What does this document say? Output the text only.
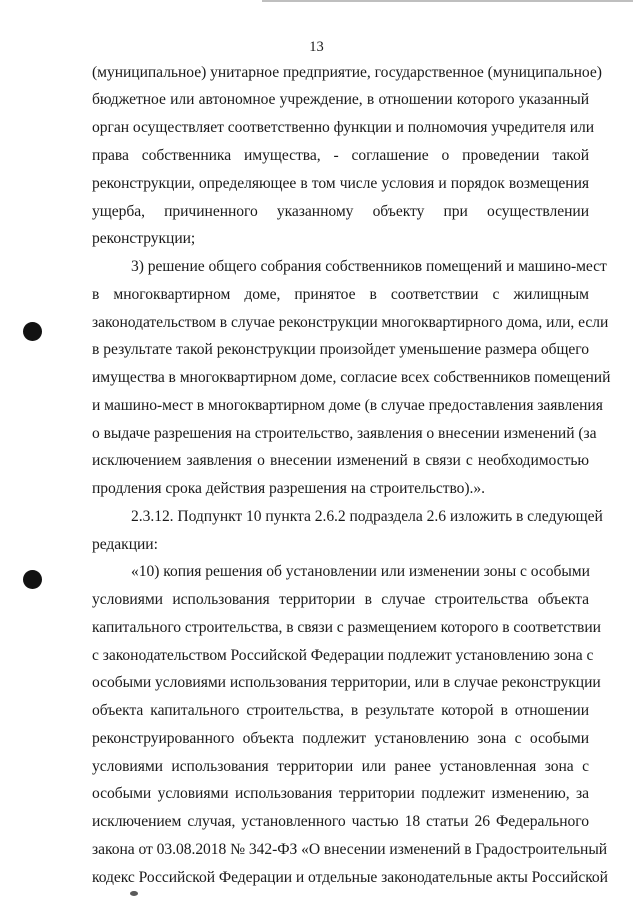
13
(муниципальное) унитарное предприятие, государственное (муниципальное)
бюджетное или автономное учреждение, в отношении которого указанный
орган осуществляет соответственно функции и полномочия учредителя или
права собственника имущества, - соглашение о проведении такой
реконструкции, определяющее в том числе условия и порядок возмещения
ущерба, причиненного указанному объекту при осуществлении
реконструкции;
3) решение общего собрания собственников помещений и машино-мест
в многоквартирном доме, принятое в соответствии с жилищным
законодательством в случае реконструкции многоквартирного дома, или, если
в результате такой реконструкции произойдет уменьшение размера общего
имущества в многоквартирном доме, согласие всех собственников помещений
и машино-мест в многоквартирном доме (в случае предоставления заявления
о выдаче разрешения на строительство, заявления о внесении изменений (за
исключением заявления о внесении изменений в связи с необходимостью
продления срока действия разрешения на строительство).».
2.3.12. Подпункт 10 пункта 2.6.2 подраздела 2.6 изложить в следующей
редакции:
«10) копия решения об установлении или изменении зоны с особыми
условиями использования территории в случае строительства объекта
капитального строительства, в связи с размещением которого в соответствии
с законодательством Российской Федерации подлежит установлению зона с
особыми условиями использования территории, или в случае реконструкции
объекта капитального строительства, в результате которой в отношении
реконструированного объекта подлежит установлению зона с особыми
условиями использования территории или ранее установленная зона с
особыми условиями использования территории подлежит изменению, за
исключением случая, установленного частью 18 статьи 26 Федерального
закона от 03.08.2018 № 342-ФЗ «О внесении изменений в Градостроительный
кодекс Российской Федерации и отдельные законодательные акты Российской
